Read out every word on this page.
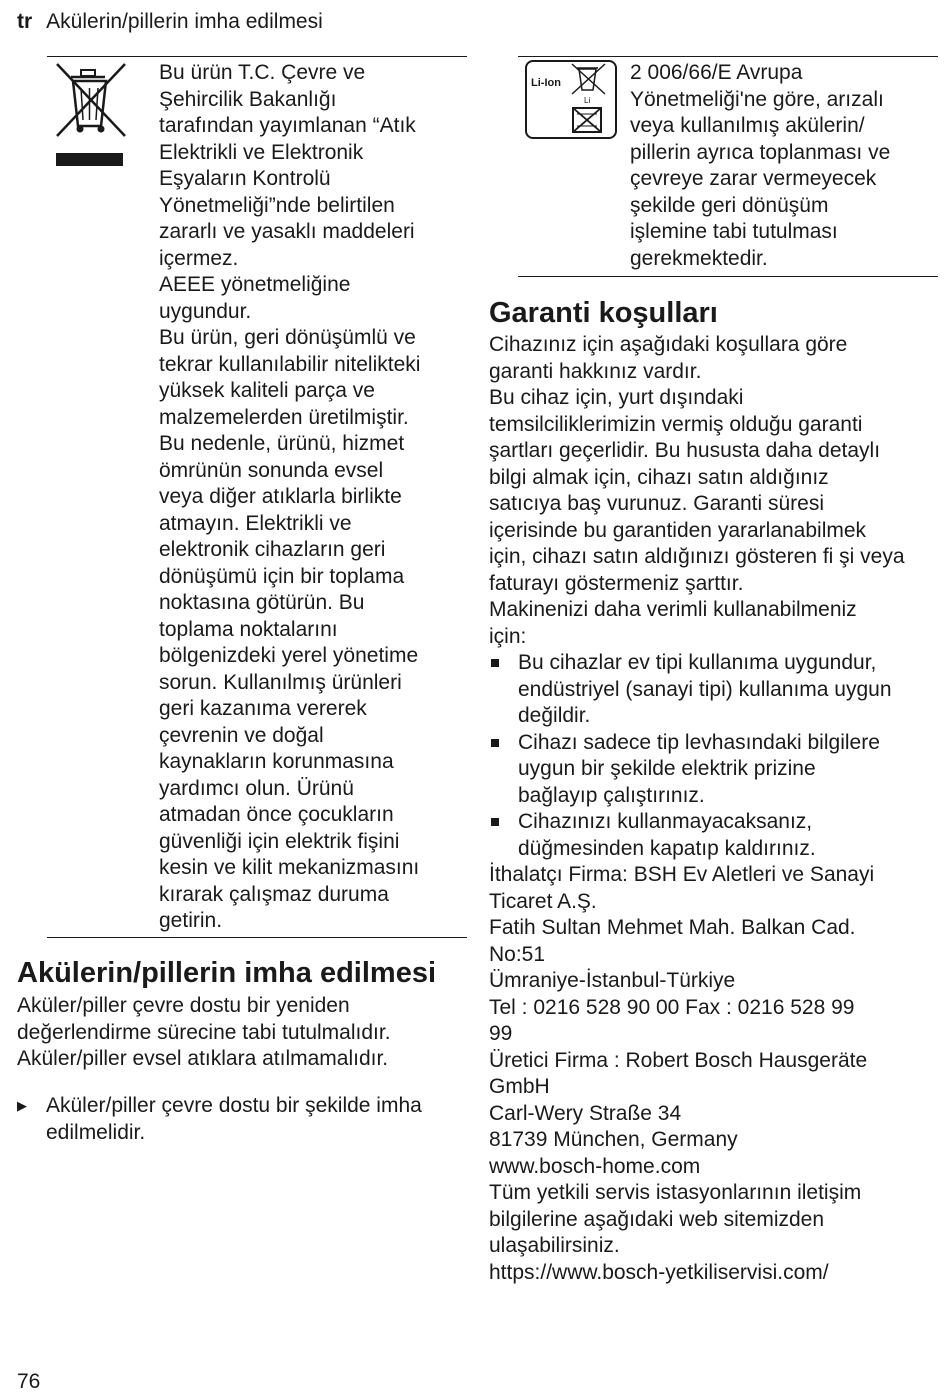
tr Akülerin/pillerin imha edilmesi
Bu ürün T.C. Çevre ve
Şehircilik Bakanlığı
tarafından yayımlanan “Atık
Elektrikli ve Elektronik
Eşyaların Kontrolü
Yönetmeliği”nde belirtilen
zararlı ve yasaklı maddeleri
içermez.
AEEE yönetmeliğine
uygundur.
Bu ürün, geri dönüşümlü ve
tekrar kullanılabilir nitelikteki
yüksek kaliteli parça ve
malzemelerden üretilmiştir.
Bu nedenle, ürünü, hizmet
ömrünün sonunda evsel
veya diğer atıklarla birlikte
atmayın. Elektrikli ve
elektronik cihazların geri
dönüşümü için bir toplama
noktasına götürün. Bu
toplama noktalarını
bölgenizdeki yerel yönetime
sorun. Kullanılmış ürünleri
geri kazanıma vererek
çevrenin ve doğal
kaynakların korunmasına
yardımcı olun. Ürünü
atmadan önce çocukların
güvenliği için elektrik fişini
kesin ve kilit mekanizmasını
kırarak çalışmaz duruma
getirin.
Akülerin/pillerin imha edilmesi
Aküler/piller çevre dostu bir yeniden
değerlendirme sürecine tabi tutulmalıdır.
Aküler/piller evsel atıklara atılmamalıdır.
▶ Aküler/piller çevre dostu bir şekilde imha
edilmelidir.
Li-Ion
Li
2 006/66/E Avrupa
Yönetmeliği'ne göre, arızalı
veya kullanılmış akülerin/
pillerin ayrıca toplanması ve
çevreye zarar vermeyecek
şekilde geri dönüşüm
işlemine tabi tutulması
gerekmektedir.
Garanti koşulları
Cihazınız için aşağıdaki koşullara göre
garanti hakkınız vardır.
Bu cihaz için, yurt dışındaki
temsilciliklerimizin vermiş olduğu garanti
şartları geçerlidir. Bu hususta daha detaylı
bilgi almak için, cihazı satın aldığınız
satıcıya baş vurunuz. Garanti süresi
içerisinde bu garantiden yararlanabilmek
için, cihazı satın aldığınızı gösteren fi şi veya
faturayı göstermeniz şarttır.
Makinenizi daha verimli kullanabilmeniz
için:
Bu cihazlar ev tipi kullanıma uygundur,
endüstriyel (sanayi tipi) kullanıma uygun
değildir.
Cihazı sadece tip levhasındaki bilgilere
uygun bir şekilde elektrik prizine
bağlayıp çalıştırınız.
Cihazınızı kullanmayacaksanız,
düğmesinden kapatıp kaldırınız.
İthalatçı Firma: BSH Ev Aletleri ve Sanayi
Ticaret A.Ş.
Fatih Sultan Mehmet Mah. Balkan Cad.
No:51
Ümraniye-İstanbul-Türkiye
Tel : 0216 528 90 00 Fax : 0216 528 99
99
Üretici Firma : Robert Bosch Hausgeräte
GmbH
Carl-Wery Straße 34
81739 München, Germany
www.bosch-home.com
Tüm yetkili servis istasyonlarının iletişim
bilgilerine aşağıdaki web sitemizden
ulaşabilirsiniz.
https://www.bosch-yetkiliservisi.com/
76
